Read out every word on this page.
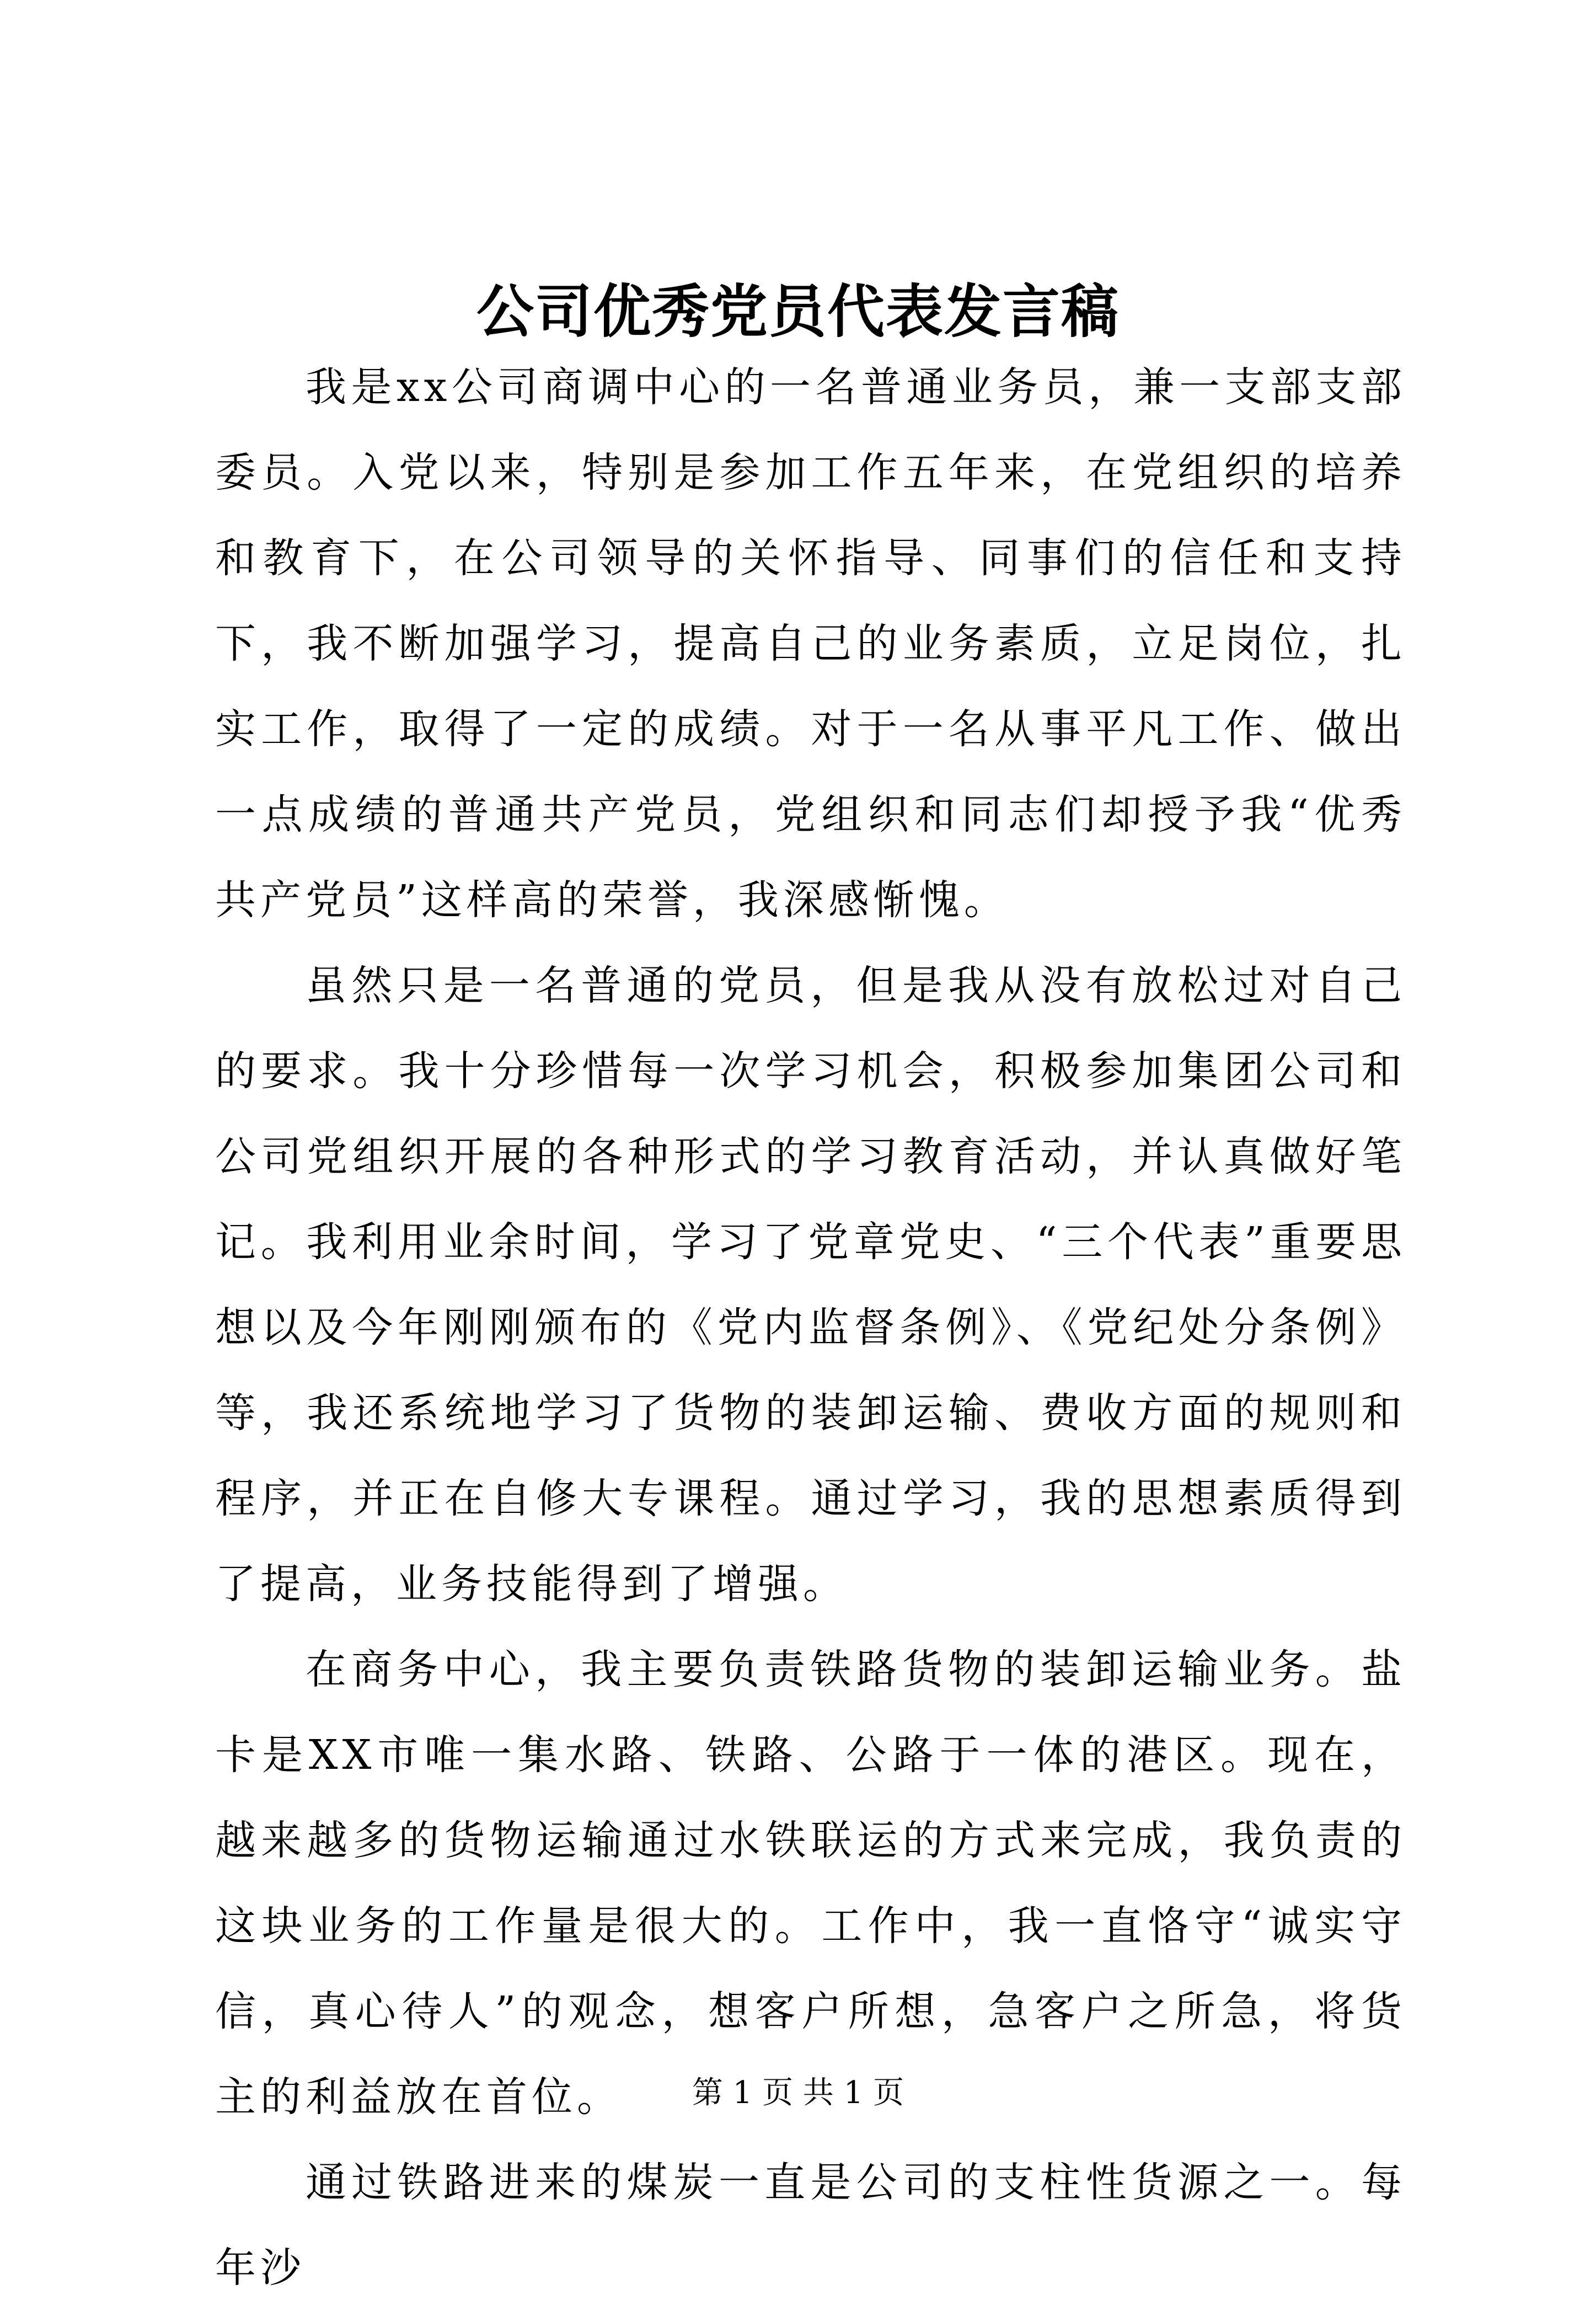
公司优秀党员代表发言稿

我是xx公司商调中心的一名普通业务员，兼一支部支部委员。入党以来，特别是参加工作五年来，在党组织的培养和教育下，在公司领导的关怀指导、同事们的信任和支持下，我不断加强学习，提高自己的业务素质，立足岗位，扎实工作，取得了一定的成绩。对于一名从事平凡工作、做出一点成绩的普通共产党员，党组织和同志们却授予我“优秀共产党员”这样高的荣誉，我深感惭愧。

虽然只是一名普通的党员，但是我从没有放松过对自己的要求。我十分珍惜每一次学习机会，积极参加集团公司和公司党组织开展的各种形式的学习教育活动，并认真做好笔记。我利用业余时间，学习了党章党史、“三个代表”重要思想以及今年刚刚颁布的《党内监督条例》、《党纪处分条例》等，我还系统地学习了货物的装卸运输、费收方面的规则和程序，并正在自修大专课程。通过学习，我的思想素质得到了提高，业务技能得到了增强。

在商务中心，我主要负责铁路货物的装卸运输业务。盐卡是XX市唯一集水路、铁路、公路于一体的港区。现在，越来越多的货物运输通过水铁联运的方式来完成，我负责的这块业务的工作量是很大的。工作中，我一直恪守“诚实守信，真心待人”的观念，想客户所想，急客户之所急，将货主的利益放在首位。

通过铁路进来的煤炭一直是公司的支柱性货源之一。每年沙

第 1 页 共 1 页
